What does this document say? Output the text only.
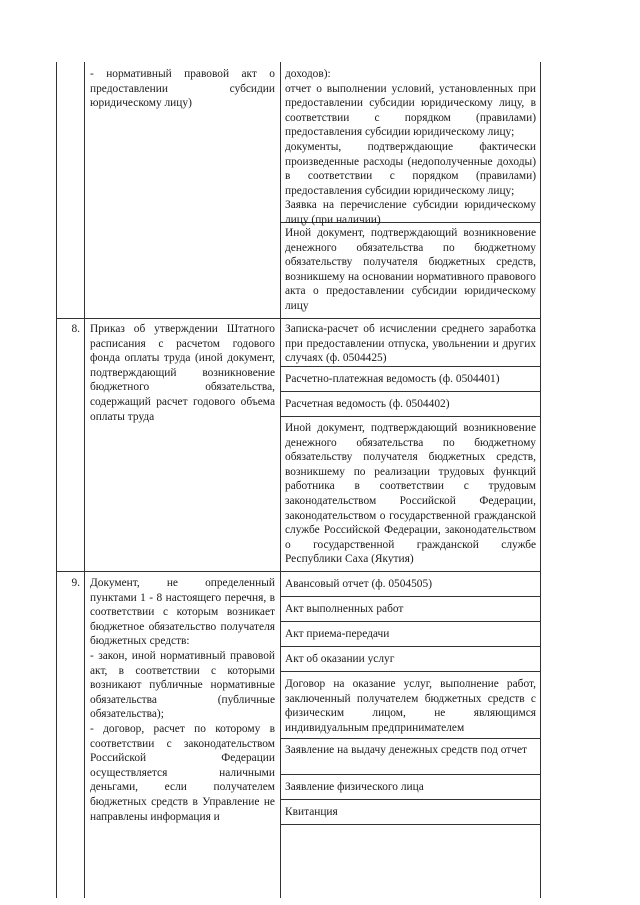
- нормативный правовой акт о предоставлении субсидии юридическому лицу)
доходов):
отчет о выполнении условий, установленных при предоставлении субсидии юридическому лицу, в соответствии с порядком (правилами) предоставления субсидии юридическому лицу;
документы, подтверждающие фактически произведенные расходы (недополученные доходы) в соответствии с порядком (правилами) предоставления субсидии юридическому лицу;
Заявка на перечисление субсидии юридическому лицу (при наличии)
Иной документ, подтверждающий возникновение денежного обязательства по бюджетному обязательству получателя бюджетных средств, возникшему на основании нормативного правового акта о предоставлении субсидии юридическому лицу
8. Приказ об утверждении Штатного расписания с расчетом годового фонда оплаты труда (иной документ, подтверждающий возникновение бюджетного обязательства, содержащий расчет годового объема оплаты труда
Записка-расчет об исчислении среднего заработка при предоставлении отпуска, увольнении и других случаях (ф. 0504425)
Расчетно-платежная ведомость (ф. 0504401)
Расчетная ведомость (ф. 0504402)
Иной документ, подтверждающий возникновение денежного обязательства по бюджетному обязательству получателя бюджетных средств, возникшему по реализации трудовых функций работника в соответствии с трудовым законодательством Российской Федерации, законодательством о государственной гражданской службе Российской Федерации, законодательством о государственной гражданской службе Республики Саха (Якутия)
9. Документ, не определенный пунктами 1 - 8 настоящего перечня, в соответствии с которым возникает бюджетное обязательство получателя бюджетных средств:
- закон, иной нормативный правовой акт, в соответствии с которыми возникают публичные нормативные обязательства (публичные обязательства);
- договор, расчет по которому в соответствии с законодательством Российской Федерации осуществляется наличными деньгами, если получателем бюджетных средств в Управление не направлены информация и
Авансовый отчет (ф. 0504505)
Акт выполненных работ
Акт приема-передачи
Акт об оказании услуг
Договор на оказание услуг, выполнение работ, заключенный получателем бюджетных средств с физическим лицом, не являющимся индивидуальным предпринимателем
Заявление на выдачу денежных средств под отчет
Заявление физического лица
Квитанция
